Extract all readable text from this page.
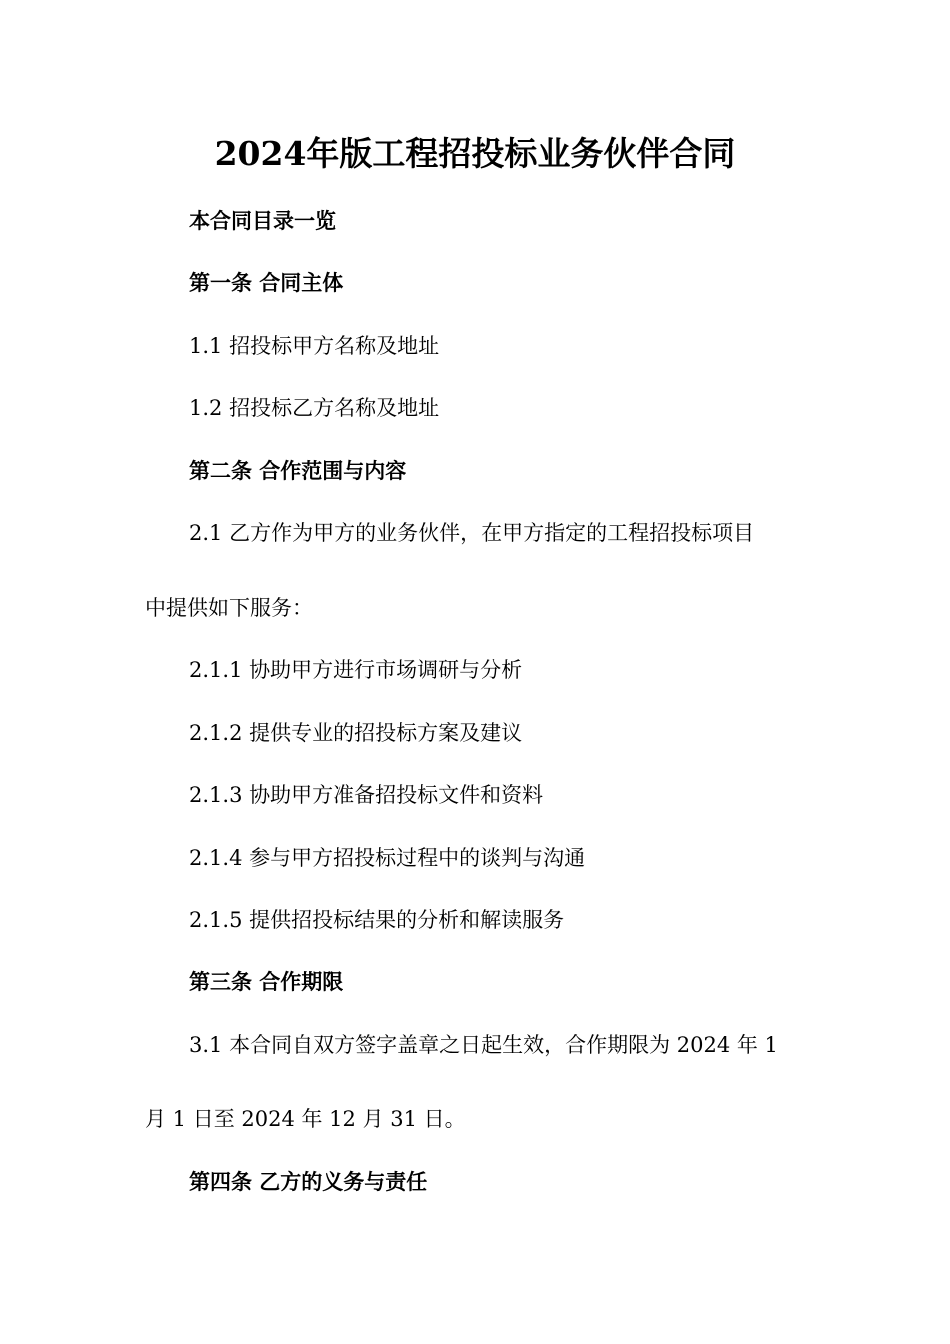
2024年版工程招投标业务伙伴合同
本合同目录一览
第一条 合同主体
1.1 招投标甲方名称及地址
1.2 招投标乙方名称及地址
第二条 合作范围与内容
2.1 乙方作为甲方的业务伙伴，在甲方指定的工程招投标项目
中提供如下服务：
2.1.1 协助甲方进行市场调研与分析
2.1.2 提供专业的招投标方案及建议
2.1.3 协助甲方准备招投标文件和资料
2.1.4 参与甲方招投标过程中的谈判与沟通
2.1.5 提供招投标结果的分析和解读服务
第三条 合作期限
3.1 本合同自双方签字盖章之日起生效，合作期限为 2024 年 1
月 1 日至 2024 年 12 月 31 日。
第四条 乙方的义务与责任
